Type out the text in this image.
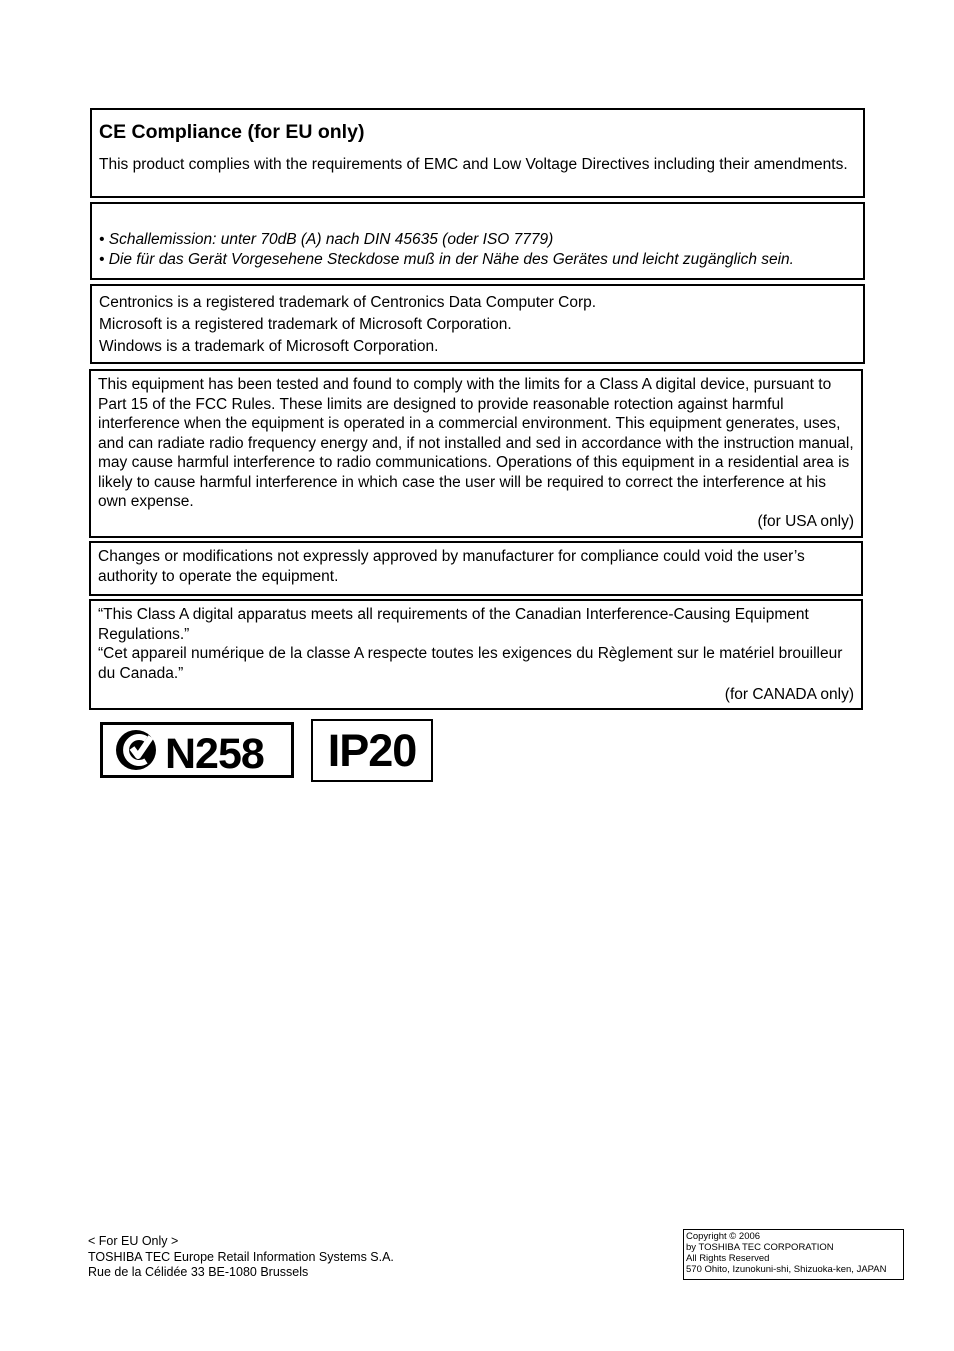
CE Compliance (for EU only)

This product complies with the requirements of EMC and Low Voltage Directives including their amendments.

• Schallemission: unter 70dB (A) nach DIN 45635 (oder ISO 7779)

• Die für das Gerät Vorgesehene Steckdose muß in der Nähe des Gerätes und leicht zugänglich sein.

Centronics is a registered trademark of Centronics Data Computer Corp.

Microsoft is a registered trademark of Microsoft Corporation.

Windows is a trademark of Microsoft Corporation.

This equipment has been tested and found to comply with the limits for a Class A digital device, pursuant to Part 15 of the FCC Rules. These limits are designed to provide reasonable rotection against harmful interference when the equipment is operated in a commercial environment. This equipment generates, uses, and can radiate radio frequency energy and, if not installed and sed in accordance with the instruction manual, may cause harmful interference to radio communications. Operations of this equipment in a residential area is likely to cause harmful interference in which case the user will be required to correct the interference at his own expense.

(for USA only)

Changes or modifications not expressly approved by manufacturer for compliance could void the user’s authority to operate the equipment.

“This Class A digital apparatus meets all requirements of the Canadian Interference-Causing Equipment Regulations.”

“Cet appareil numérique de la classe A respecte toutes les exigences du Règlement sur le matériel brouilleur du Canada.”

(for CANADA only)

N258	IP20
< For EU Only >
TOSHIBA TEC Europe Retail Information Systems S.A.
Rue de la Célidée 33 BE-1080 Brussels
Copyright © 2006
by TOSHIBA TEC CORPORATION
All Rights Reserved
570 Ohito, Izunokuni-shi, Shizuoka-ken, JAPAN
